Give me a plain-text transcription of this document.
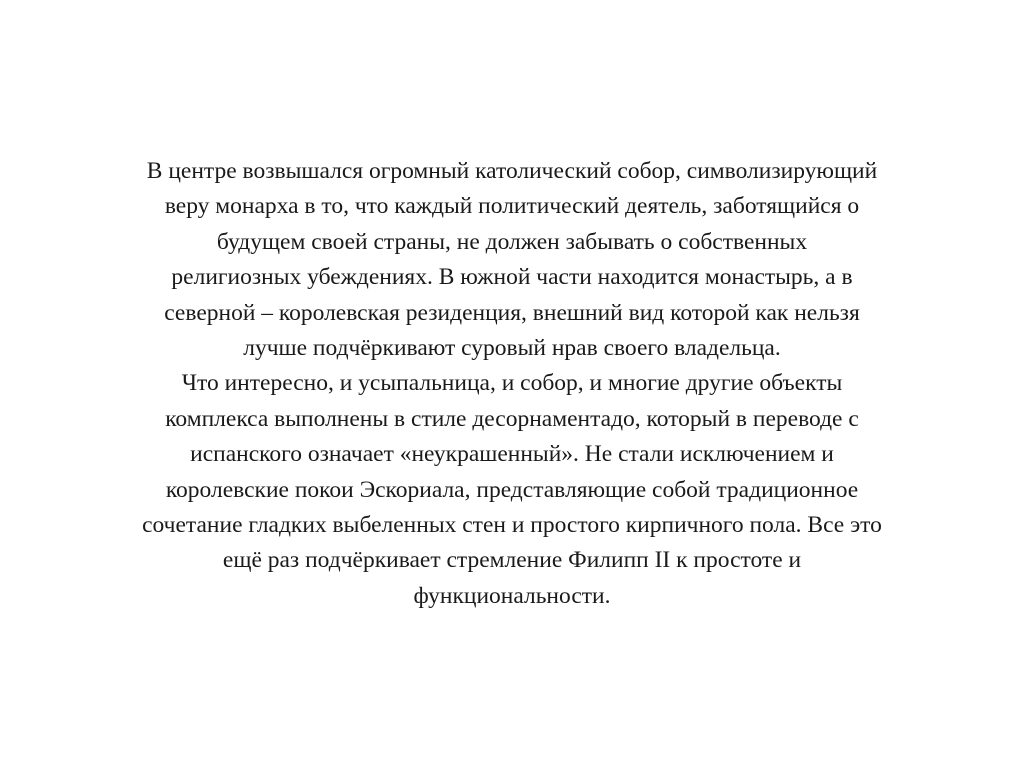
В центре возвышался огромный католический собор, символизирующий
веру монарха в то, что каждый политический деятель, заботящийся о
будущем своей страны, не должен забывать о собственных
религиозных убеждениях. В южной части находится монастырь, а в
северной – королевская резиденция, внешний вид которой как нельзя
лучше подчёркивают суровый нрав своего владельца.
Что интересно, и усыпальница, и собор, и многие другие объекты
комплекса выполнены в стиле десорнаментадо, который в переводе с
испанского означает «неукрашенный». Не стали исключением и
королевские покои Эскориала, представляющие собой традиционное
сочетание гладких выбеленных стен и простого кирпичного пола. Все это
ещё раз подчёркивает стремление Филипп II к простоте и
функциональности.
